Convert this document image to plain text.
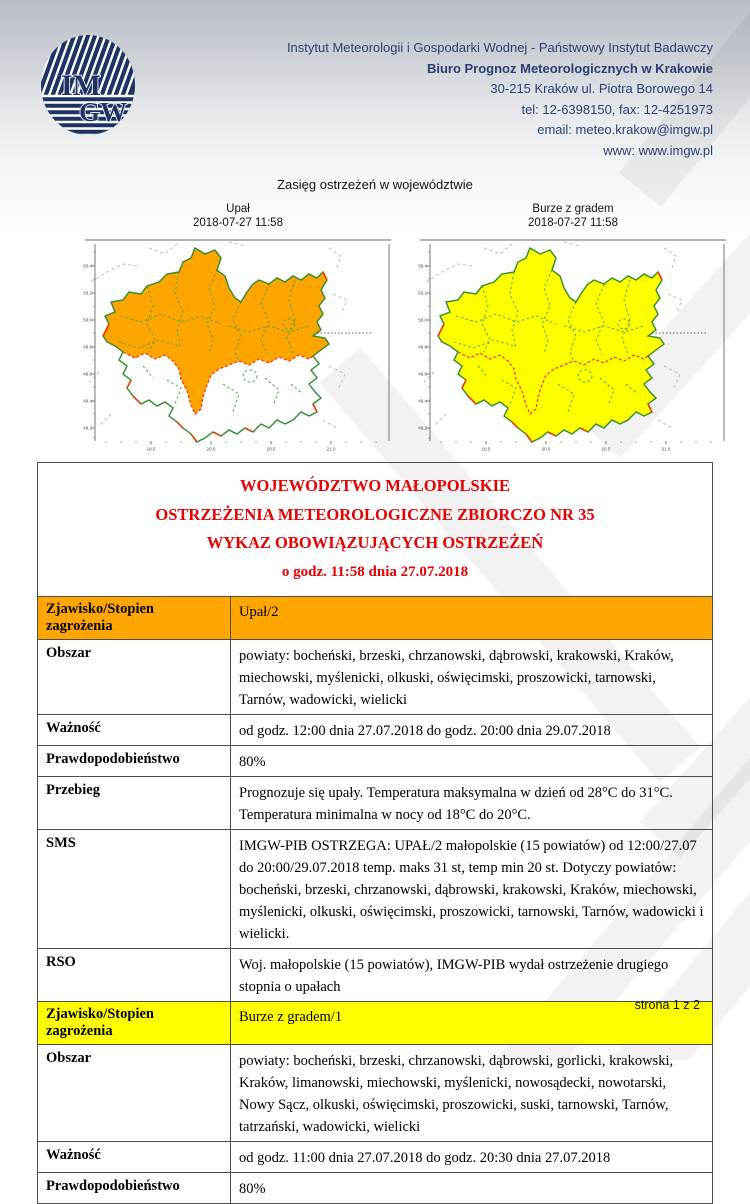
IM
GW
Instytut Meteorologii i Gospodarki Wodnej - Państwowy Instytut Badawczy
Biuro Prognoz Meteorologicznych w Krakowie
30-215 Kraków ul. Piotra Borowego 14
tel: 12-6398150, fax: 12-4251973
email: meteo.krakow@imgw.pl
www: www.imgw.pl
Zasięg ostrzeżeń w województwie
Upał
2018-07-27 11:58
50.4
50.2
50.0
49.8
49.6
49.4
49.2
19.5	20.0	20.5	21.0
Burze z gradem
2018-07-27 11:58
50.4
50.2
50.0
49.8
49.6
49.4
49.2
19.5	20.0	20.5	21.0
WOJEWÓDZTWO MAŁOPOLSKIE
OSTRZEŻENIA METEOROLOGICZNE ZBIORCZO NR 35
WYKAZ OBOWIĄZUJĄCYCH OSTRZEŻEŃ
o godz. 11:58 dnia 27.07.2018	

Zjawisko/Stopien zagrożenia	Upał/2
Obszar	powiaty: bocheński, brzeski, chrzanowski, dąbrowski, krakowski, Kraków, miechowski, myślenicki, olkuski, oświęcimski, proszowicki, tarnowski, Tarnów, wadowicki, wielicki
Ważność	od godz. 12:00 dnia 27.07.2018 do godz. 20:00 dnia 29.07.2018
Prawdopodobieństwo	80%
Przebieg	Prognozuje się upały. Temperatura maksymalna w dzień od 28°C do 31°C. Temperatura minimalna w nocy od 18°C do 20°C.
SMS	IMGW-PIB OSTRZEGA: UPAŁ/2 małopolskie (15 powiatów) od 12:00/27.07 do 20:00/29.07.2018 temp. maks 31 st, temp min 20 st. Dotyczy powiatów: bocheński, brzeski, chrzanowski, dąbrowski, krakowski, Kraków, miechowski, myślenicki, olkuski, oświęcimski, proszowicki, tarnowski, Tarnów, wadowicki i wielicki.
RSO	Woj. małopolskie (15 powiatów), IMGW-PIB wydał ostrzeżenie drugiego stopnia o upałach
Zjawisko/Stopien zagrożenia	Burze z gradem/1
Obszar	powiaty: bocheński, brzeski, chrzanowski, dąbrowski, gorlicki, krakowski, Kraków, limanowski, miechowski, myślenicki, nowosądecki, nowotarski, Nowy Sącz, olkuski, oświęcimski, proszowicki, suski, tarnowski, Tarnów, tatrzański, wadowicki, wielicki
Ważność	od godz. 11:00 dnia 27.07.2018 do godz. 20:30 dnia 27.07.2018
Prawdopodobieństwo	80%
strona 1 z 2
